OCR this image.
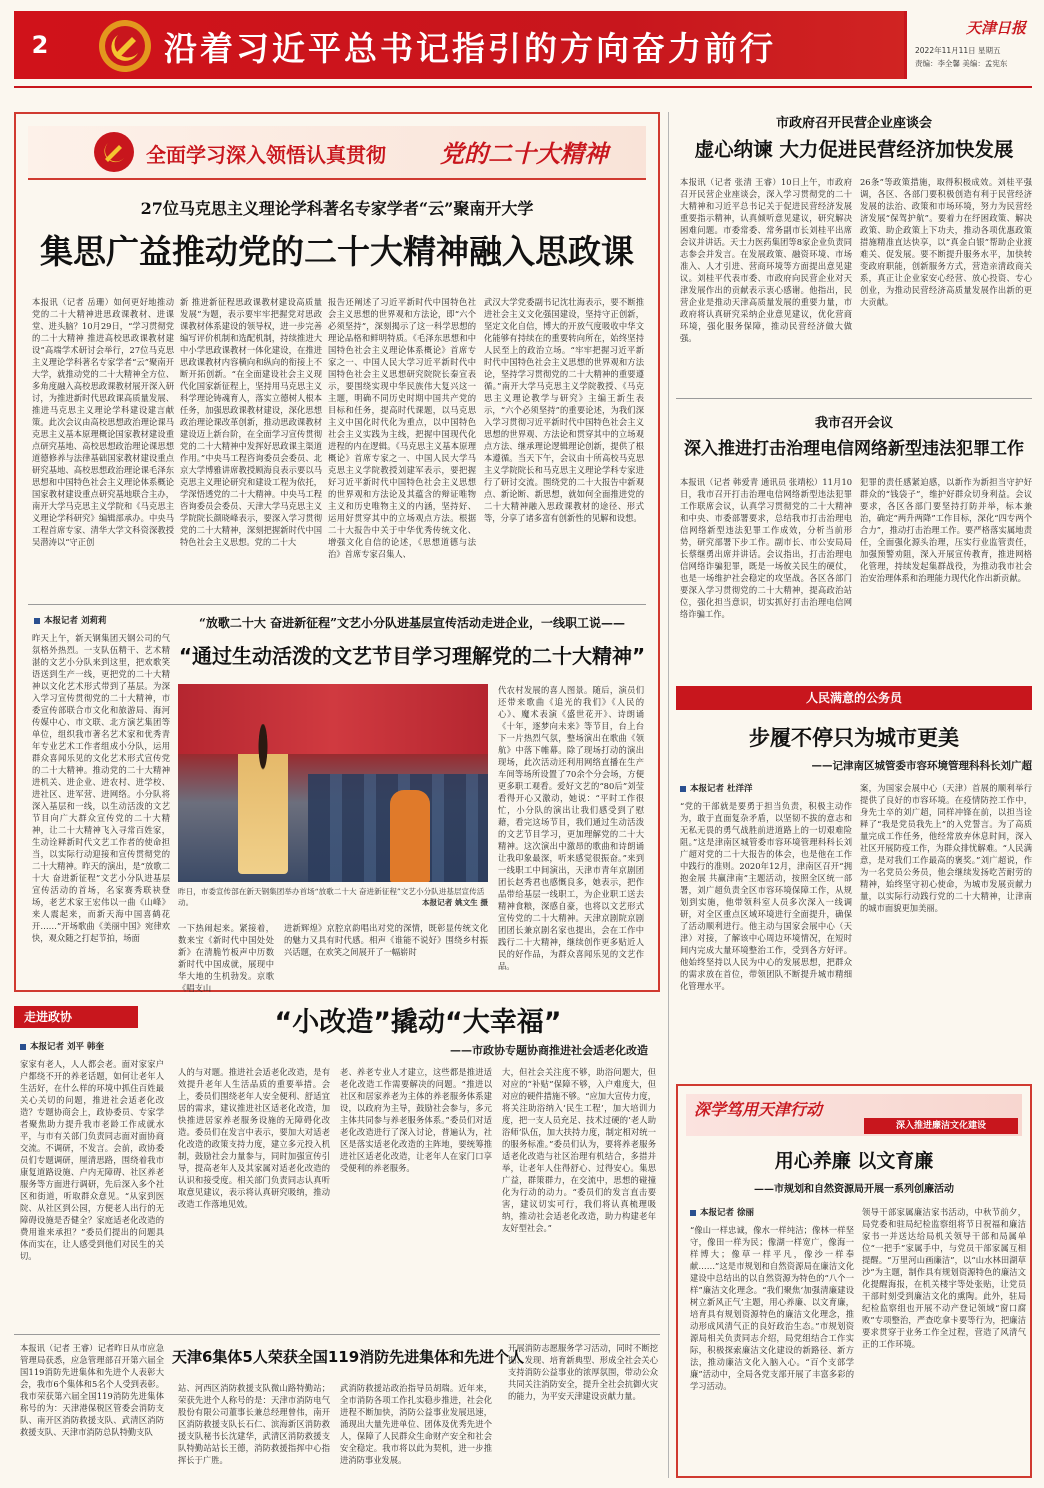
2	沿着习近平总书记指引的方向奋力前行
天津日报
2022年11月11日 星期五
责编：李全馨 美编：孟宪东
全面学习深入领悟认真贯彻	党的二十大精神
27位马克思主义理论学科著名专家学者“云”聚南开大学
集思广益推动党的二十大精神融入思政课
本报讯（记者 岳珊）如何更好地推动党的二十大精神进思政课教材、进课堂、进头脑？10月29日，“学习贯彻党的二十大精神 推进高校思政课教材建设”高端学术研讨会举行，27位马克思主义理论学科著名专家学者“云”聚南开大学，就推动党的二十大精神全方位、多角度融入高校思政课教材展开深入研讨，为推进新时代思政课高质量发展、推进马克思主义理论学科建设建言献策。此次会议由高校思想政治理论课马克思主义基本原理概论国家教材建设重点研究基地、高校思想政治理论课思想道德修养与法律基础国家教材建设重点研究基地、高校思想政治理论课毛泽东思想和中国特色社会主义理论体系概论国家教材建设重点研究基地联合主办，南开大学马克思主义学院和《马克思主义理论学科研究》编辑部承办。中央马工程首席专家、清华大学文科资深教授吴潜涛以“守正创
新 推进新征程思政课教材建设高质量发展”为题，表示要牢牢把握党对思政课教材体系建设的领导权，进一步完善编写评价机制和选配机制，持续推进大中小学思政课教材一体化建设，在推进思政课教材内容横向和纵向的衔接上不断开拓创新。“在全面建设社会主义现代化国家新征程上，坚持用马克思主义科学理论铸魂育人，落实立德树人根本任务，加强思政课教材建设，深化思想政治理论课改革创新，推动思政课教材建设迈上新台阶，在全面学习宣传贯彻党的二十大精神中发挥好思政课主渠道作用。”中央马工程咨询委员会委员、北京大学博雅讲席教授顾海良表示要以马克思主义理论研究和建设工程为依托，学深悟透党的二十大精神。中央马工程咨询委员会委员、天津大学马克思主义学院院长颜晓峰表示，要深入学习贯彻党的二十大精神，深刻把握新时代中国特色社会主义思想。党的二十大
报告还阐述了习近平新时代中国特色社会主义思想的世界观和方法论，即“六个必须坚持”，深刻揭示了这一科学思想的理论品格和鲜明特质。《毛泽东思想和中国特色社会主义理论体系概论》首席专家之一、中国人民大学习近平新时代中国特色社会主义思想研究院院长秦宣表示，要围绕实现中华民族伟大复兴这一主题，明确不同历史时期中国共产党的目标和任务，提高时代课题，以马克思主义中国化时代化为重点，以中国特色社会主义实践为主线，把握中国现代化进程的内在逻辑。《马克思主义基本原理概论》首席专家之一、中国人民大学马克思主义学院教授刘建军表示，要把握好习近平新时代中国特色社会主义思想的世界观和方法论及其蕴含的辩证唯物主义和历史唯物主义的内涵，坚持好、运用好贯穿其中的立场观点方法。根据二十大报告中关于中华优秀传统文化、增强文化自信的论述，《思想道德与法治》首席专家召集人、
武汉大学党委副书记沈壮海表示，要不断推进社会主义文化强国建设，坚持守正创新，坚定文化自信，博大的开放气度吸收中华文化能够有持续在的重要转向所在，始终坚持人民至上的政治立场。“牢牢把握习近平新时代中国特色社会主义思想的世界观和方法论，坚持学习贯彻党的二十大精神的重要遵循。”南开大学马克思主义学院教授、《马克思主义理论教学与研究》主编王新生表示，“六个必须坚持”的重要论述，为我们深入学习贯彻习近平新时代中国特色社会主义思想的世界观、方法论和贯穿其中的立场观点方法、继承理论逻辑理论创新，提供了根本遵循。当天下午，会议由十所高校马克思主义学院院长和马克思主义理论学科专家进行了研讨交流。围绕党的二十大报告中新观点、新论断、新思想，就如何全面推进党的二十大精神融入思政课教材的途径、形式等，分享了诸多富有创新性的见解和设想。
本报记者 刘莉莉
昨天上午，新天钢集团天钢公司的气氛格外热烈。一支队伍精干、艺术精湛的文艺小分队来到这里，把欢歌笑语送到生产一线，更把党的二十大精神以文化艺术形式带到了基层。为深入学习宣传贯彻党的二十大精神，市委宣传部联合市文化和旅游局、海河传媒中心、市文联、北方演艺集团等单位，组织我市著名艺术家和优秀青年专业艺术工作者组成小分队，运用群众喜闻乐见的文化艺术形式宣传党的二十大精神。推动党的二十大精神进机关、进企业、进农村、进学校、进社区、进军营、进网络。小分队将深入基层和一线，以生动活泼的文艺节目向广大群众宣传党的二十大精神，让二十大精神飞入寻常百姓家，生动诠释新时代文艺工作者的使命担当，以实际行动迎接和宣传贯彻党的二十大精神。昨天的演出，是“放歌二十大 奋进新征程”文艺小分队进基层宣传活动的首场，名家赛秀联袂登场，老艺术家王宏伟以一曲《山峰》来人震起来，而新天海中国喜鹤花开……”开场歌曲《美丽中国》宛律欢快，观众随之打起节拍，场面
“放歌二十大 奋进新征程”文艺小分队进基层宣传活动走进企业，一线职工说——
“通过生动活泼的文艺节目学习理解党的二十大精神”
昨日，市委宣传部在新天钢集团举办首场“放歌二十大 奋进新征程”文艺小分队进基层宣传活动。	本报记者 姚文生 摄
代农村发展的喜人图景。随后，演员们还带来歌曲《追光的我们》《人民的心》、魔术表演《盛世花开》、诗朗诵《十年，逐梦向未来》等节目，台上台下一片热烈气氛，整场演出在歌曲《领航》中落下帷幕。除了现场打动的演出现场，此次活动还利用网络直播在生产车间等场所设置了70余个分会场，方便更多职工观看。爱好文艺的“80后”刘莹看得开心又激动，她说：“平时工作很忙，小分队的演出让我们感受到了慰藉，看完这场节目，我们通过生动活泼的文艺节目学习，更加理解党的二十大精神。这次演出中激昂的歌曲和诗朗诵让我印象最深，听来感觉很振奋。”来到一线职工中间演出，天津市青年京剧团团长赵秀君也感慨良多，她表示，把作品带给基层一线职工，为企业职工送去精神食粮，深感自豪，也将以文艺形式宣传党的二十大精神。天津京剧院京剧团团长兼京剧名家也提出，会在工作中践行二十大精神，继续创作更多贴近人民的好作品，为群众喜闻乐见的文艺作品。
一下热闹起来。紧接着，数来宝《新时代中国处处新》在清脆竹板声中历数新时代中国成就，展现中华大地的生机勃发。京歌《唱支山
进新辉煌》京腔京韵唱出对党的深情，既彰显传统文化的魅力又具有时代感。相声《谁能不说好》围绕乡村振兴话题，在欢笑之间展开了一幅崭时
市政府召开民营企业座谈会
虚心纳谏 大力促进民营经济加快发展
本报讯（记者 张清 王睿）10日上午，市政府召开民营企业座谈会，深入学习贯彻党的二十大精神和习近平总书记关于促进民营经济发展重要指示精神，认真倾听意见建议，研究解决困难问题。市委常委、常务副市长刘桂平出席会议并讲话。天士力医药集团等8家企业负责同志参会并发言。在发展政策、融资环境、市场准入、人才引进、营商环境等方面提出意见建议。刘桂平代表市委、市政府向民营企业对天津发展作出的贡献表示衷心感谢。他指出，民营企业是推动天津高质量发展的重要力量，市政府将认真研究采纳企业意见建议，优化营商环境，强化服务保障，推动民营经济做大做强。
26条”等政策措施，取得积极成效。刘桂平强调，各区、各部门要积极创造有利于民营经济发展的法治、政策和市场环境，努力为民营经济发展“保驾护航”。要着力在纾困政策、解决政策、助企政策上下功夫，推动各项优惠政策措施精准直达快享，以“真金白银”帮助企业渡难关、促发展。要不断提升服务水平，加快转变政府职能，创新服务方式，营造亲清政商关系，真正让企业家安心经营、放心投资、专心创业，为推动民营经济高质量发展作出新的更大贡献。
我市召开会议
深入推进打击治理电信网络新型违法犯罪工作
本报讯（记者 韩爱青 通讯员 张靖松）11月10日，我市召开打击治理电信网络新型违法犯罪工作联席会议，认真学习贯彻党的二十大精神和中央、市委部署要求，总结我市打击治理电信网络新型违法犯罪工作成效，分析当前形势，研究部署下步工作。副市长、市公安局局长蔡继勇出席并讲话。会议指出，打击治理电信网络诈骗犯罪，既是一场攸关民生的硬仗，也是一场维护社会稳定的攻坚战。各区各部门要深入学习贯彻党的二十大精神，提高政治站位，强化担当意识，切实抓好打击治理电信网络诈骗工作。
犯罪的责任感紧迫感，以新作为新担当守护好群众的“钱袋子”，维护好群众切身利益。会议要求，各区各部门要坚持打防并举，标本兼治，确定“两升两降”工作目标，深化“四专两个合力”，推动打击治理工作。要严格落实属地责任，全面强化源头治理，压实行业监管责任，加强预警劝阻，深入开展宣传教育，推进网格化管理，持续发起集群战役，为推动我市社会治安治理体系和治理能力现代化作出新贡献。
人民满意的公务员
步履不停只为城市更美
——记津南区城管委市容环境管理科科长刘广超
本报记者 杜洋洋
“党的干部就是要勇于担当负责，积极主动作为，敢于直面复杂矛盾，以坚韧不拔的意志和无私无畏的勇气战胜前进道路上的一切艰难险阻。”这是津南区城管委市容环境管理科科长刘广超对党的二十大报告的体会，也是他在工作中践行的准则。2020年12月，津南区召开“拥抱金展 共赢津南”主题活动，按照全区统一部署，刘广超负责全区市容环境保障工作，从规划到实施，他带领科室人员多次深入一线调研，对全区重点区域环境进行全面提升，确保了活动顺利进行。他主动与国家会展中心（天津）对接，了解该中心周边环境情况，在短时间内完成大量环境整治工作，受到各方好评。他始终坚持以人民为中心的发展思想，把群众的需求放在首位，带领团队不断提升城市精细化管理水平。
案，为国家会展中心（天津）首展的顺利举行提供了良好的市容环境。在疫情防控工作中，身先士卒的刘广超，同样冲锋在前，以担当诠释了“我是党员我先上”的入党誓言。为了高质量完成工作任务，他经常放弃休息时间，深入社区开展防疫工作，为群众排忧解难。“人民满意，是对我们工作最高的褒奖。”刘广超说，作为一名党员公务员，他会继续发扬吃苦耐劳的精神，始终坚守初心使命，为城市发展贡献力量，以实际行动践行党的二十大精神，让津南的城市面貌更加美丽。
深学笃用天津行动
深入推进廉洁文化建设
用心养廉 以文育廉
——市规划和自然资源局开展一系列创廉活动
本报记者 徐丽
“像山一样忠诚，像水一样纯洁；像林一样坚守，像田一样为民；像湖一样宽广，像海一样博大；像草一样平凡，像沙一样奉献……”这是市规划和自然资源局在廉洁文化建设中总结出的以自然资源为特色的“八个一样”廉洁文化理念。“我们聚焦‘加强清廉建设 树立新风正气’主题，用心养廉、以文育廉，培育具有规划资源特色的廉洁文化理念，推动形成风清气正的良好政治生态。”市规划资源局相关负责同志介绍，局党组结合工作实际，积极探索廉洁文化建设的新路径、新方法，推动廉洁文化入脑入心。“百个支部学廉”活动中，全局各党支部开展了丰富多彩的学习活动。
领导干部家属廉洁家书活动，中秋节前夕，局党委和驻局纪检监察组将节日祝福和廉洁家书一并送达给局机关领导干部和局属单位“一把手”家属手中，与党员干部家属互相提醒。“万里河山画廉洁”，以“山水林田湖草沙”为主题，制作具有规划资源特色的廉洁文化提醒海报，在机关楼宇等处张贴，让党员干部时刻受到廉洁文化的熏陶。此外，驻局纪检监察组也开展不动产登记领域“窗口腐败”专项整治，严查吃拿卡要等行为，把廉洁要求贯穿于业务工作全过程，营造了风清气正的工作环境。
走进政协	“小改造”撬动“大幸福”
——市政协专题协商推进社会适老化改造
本报记者 刘平 韩奎
家家有老人，人人都会老。面对家家户户都绕不开的养老话题，如何让老年人生活好，在什么样的环境中抓住百姓最关心关切的问题，推进社会适老化改造？专题协商会上，政协委员、专家学者聚焦助力提升我市老龄工作成就水平，与市有关部门负责同志面对面协商交流。不调研，不发言。会前，政协委员们专题调研，厘清思路，围绕着我市康复道路设施、户内无障碍、社区养老服务等方面进行调研，先后深入多个社区和街道，听取群众意见。“从家到医院、从社区到公园，方便老人出行的无障碍设施是否健全？家庭适老化改造的费用谁来承担？”委员们提出的问题具体而实在，让人感受到他们对民生的关切。
人的与对题。推进社会适老化改造，是有效提升老年人生活品质的重要举措。会上，委员们围绕老年人安全便利、舒适宜居的需求，建议推进社区适老化改造，加快推进居家养老服务设施的无障碍化改造。委员们在发言中表示，要加大对适老化改造的政策支持力度，建立多元投入机制，鼓励社会力量参与，同时加强宣传引导，提高老年人及其家属对适老化改造的认识和接受度。相关部门负责同志认真听取意见建议，表示将认真研究吸纳，推动改造工作落地见效。
老、养老专业人才建立，这些都是推进适老化改造工作需要解决的问题。“推进以社区和居家养老为主体的养老服务体系建设，以政府为主导，鼓励社会参与，多元主体共同参与养老服务体系。”委员们对适老化改造进行了深入讨论，普遍认为，社区是落实适老化改造的主阵地，要统筹推进社区适老化改造，让老年人在家门口享受便利的养老服务。
大，但社会关注度不够，助浴问题大，但对应的“补贴”保障不够，入户难度大，但对应的硬件措施不够。“应加大宣传力度，将关注助浴纳入‘民生工程’，加大培训力度，把一支人员充足、技术过硬的‘老人助浴师’队伍，加大扶持力度，制定相对统一的服务标准。”委员们认为，要将养老服务适老化改造与社区治理有机结合，多措并举，让老年人住得舒心、过得安心。集思广益，群策群力，在交流中，思想的碰撞化为行动的动力。“委员们的发言直击要害，建议切实可行，我们将认真梳理吸纳，推动社会适老化改造，助力构建老年友好型社会。”
本报讯（记者 王睿）记者昨日从市应急管理局获悉，应急管理部召开第六届全国119消防先进集体和先进个人表彰大会，我市6个集体和5名个人受到表彰。我市荣获第六届全国119消防先进集体称号的为：天津港保税区管委会消防支队、南开区消防救援支队、武清区消防救援支队、天津市消防总队特勤支队
天津6集体5人荣获全国119消防先进集体和先进个人
站、河西区消防救援支队微山路特勤站；荣获先进个人称号的是：天津市消防电气股份有限公司董事长兼总经理曾伟，南开区消防救援支队长石仁、滨海新区消防救援支队秘书长沈建华，武清区消防救援支队特勤站站长王德，消防救援指挥中心指挥长于广胜。
武消防救援站政治指导员胡瑞。近年来，全市消防各项工作扎实稳步推进，社会化进程不断加快，消防公益事业发展迅速，涌现出大量先进单位、团体及优秀先进个人，保障了人民群众生命财产安全和社会安全稳定。我市将以此为契机，进一步推进消防事业发展。
开展消防志愿服务学习活动，同时不断挖掘、发现、培育新典型、形成全社会关心支持消防公益事业的浓厚氛围，带动公众共同关注消防安全，提升全社会抗御火灾的能力，为平安天津建设贡献力量。
